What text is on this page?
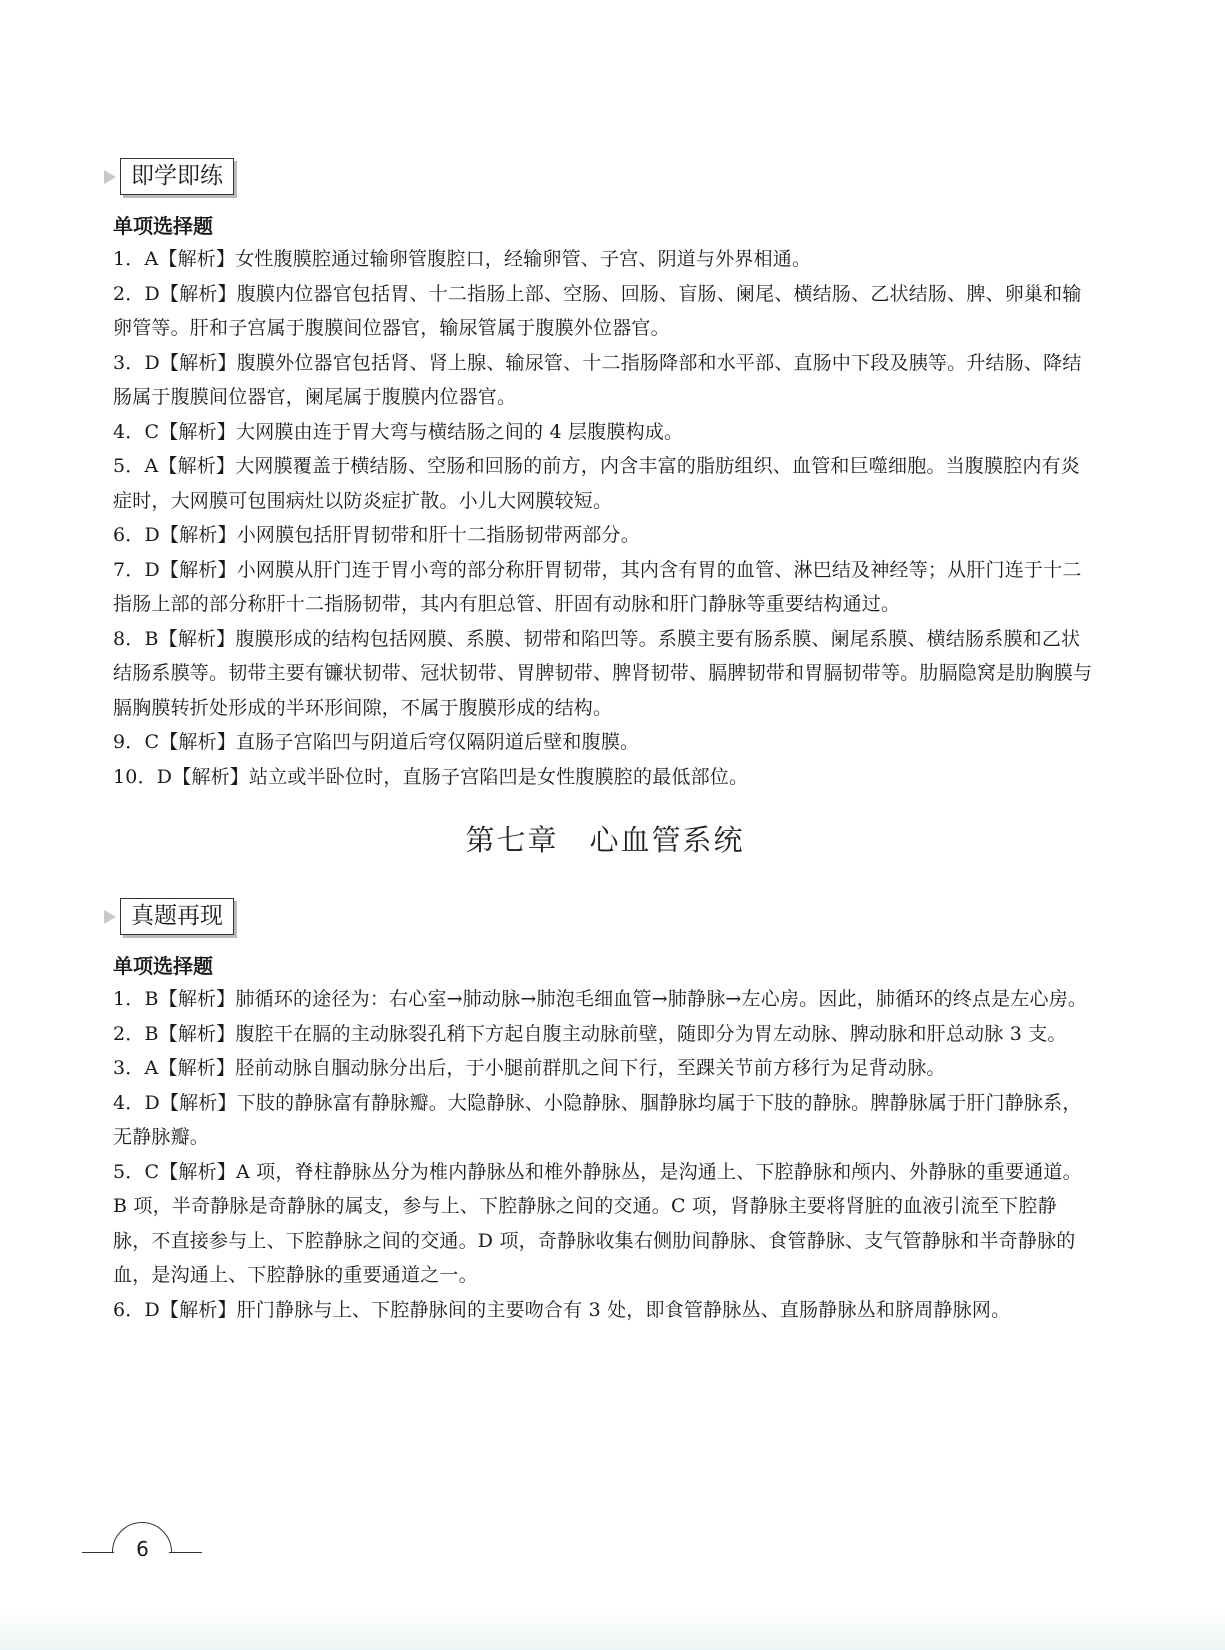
即学即练
单项选择题

1．A【解析】女性腹膜腔通过输卵管腹腔口，经输卵管、子宫、阴道与外界相通。

2．D【解析】腹膜内位器官包括胃、十二指肠上部、空肠、回肠、盲肠、阑尾、横结肠、乙状结肠、脾、卵巢和输卵管等。肝和子宫属于腹膜间位器官，输尿管属于腹膜外位器官。

3．D【解析】腹膜外位器官包括肾、肾上腺、输尿管、十二指肠降部和水平部、直肠中下段及胰等。升结肠、降结肠属于腹膜间位器官，阑尾属于腹膜内位器官。

4．C【解析】大网膜由连于胃大弯与横结肠之间的 4 层腹膜构成。

5．A【解析】大网膜覆盖于横结肠、空肠和回肠的前方，内含丰富的脂肪组织、血管和巨噬细胞。当腹膜腔内有炎症时，大网膜可包围病灶以防炎症扩散。小儿大网膜较短。

6．D【解析】小网膜包括肝胃韧带和肝十二指肠韧带两部分。

7．D【解析】小网膜从肝门连于胃小弯的部分称肝胃韧带，其内含有胃的血管、淋巴结及神经等；从肝门连于十二指肠上部的部分称肝十二指肠韧带，其内有胆总管、肝固有动脉和肝门静脉等重要结构通过。

8．B【解析】腹膜形成的结构包括网膜、系膜、韧带和陷凹等。系膜主要有肠系膜、阑尾系膜、横结肠系膜和乙状结肠系膜等。韧带主要有镰状韧带、冠状韧带、胃脾韧带、脾肾韧带、膈脾韧带和胃膈韧带等。肋膈隐窝是肋胸膜与膈胸膜转折处形成的半环形间隙，不属于腹膜形成的结构。

9．C【解析】直肠子宫陷凹与阴道后穹仅隔阴道后壁和腹膜。

10．D【解析】站立或半卧位时，直肠子宫陷凹是女性腹膜腔的最低部位。

第七章　心血管系统
真题再现
单项选择题

1．B【解析】肺循环的途径为：右心室→肺动脉→肺泡毛细血管→肺静脉→左心房。因此，肺循环的终点是左心房。

2．B【解析】腹腔干在膈的主动脉裂孔稍下方起自腹主动脉前壁，随即分为胃左动脉、脾动脉和肝总动脉 3 支。

3．A【解析】胫前动脉自腘动脉分出后，于小腿前群肌之间下行，至踝关节前方移行为足背动脉。

4．D【解析】下肢的静脉富有静脉瓣。大隐静脉、小隐静脉、腘静脉均属于下肢的静脉。脾静脉属于肝门静脉系，无静脉瓣。

5．C【解析】A 项，脊柱静脉丛分为椎内静脉丛和椎外静脉丛，是沟通上、下腔静脉和颅内、外静脉的重要通道。B 项，半奇静脉是奇静脉的属支，参与上、下腔静脉之间的交通。C 项，肾静脉主要将肾脏的血液引流至下腔静脉，不直接参与上、下腔静脉之间的交通。D 项，奇静脉收集右侧肋间静脉、食管静脉、支气管静脉和半奇静脉的血，是沟通上、下腔静脉的重要通道之一。

6．D【解析】肝门静脉与上、下腔静脉间的主要吻合有 3 处，即食管静脉丛、直肠静脉丛和脐周静脉网。

6
